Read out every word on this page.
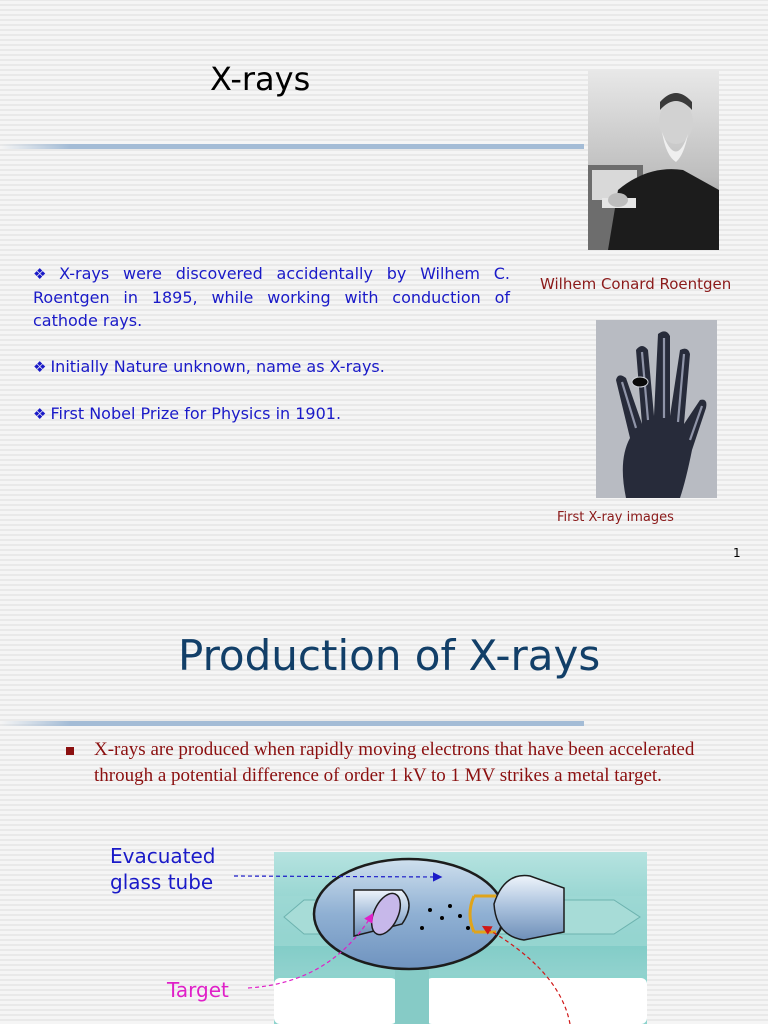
X-rays

❖ X-rays were discovered accidentally by Wilhem C. Roentgen in 1895, while working with conduction of cathode rays.

❖ Initially Nature unknown, name as X-rays.

❖ First Nobel Prize for Physics in 1901.

Wilhem Conard Roentgen
First X-ray images
1
Production of X-rays
X-rays are produced when rapidly moving electrons that have been accelerated through a potential difference of order 1 kV to 1 MV strikes a metal target.
Evacuated
glass tube
Target
